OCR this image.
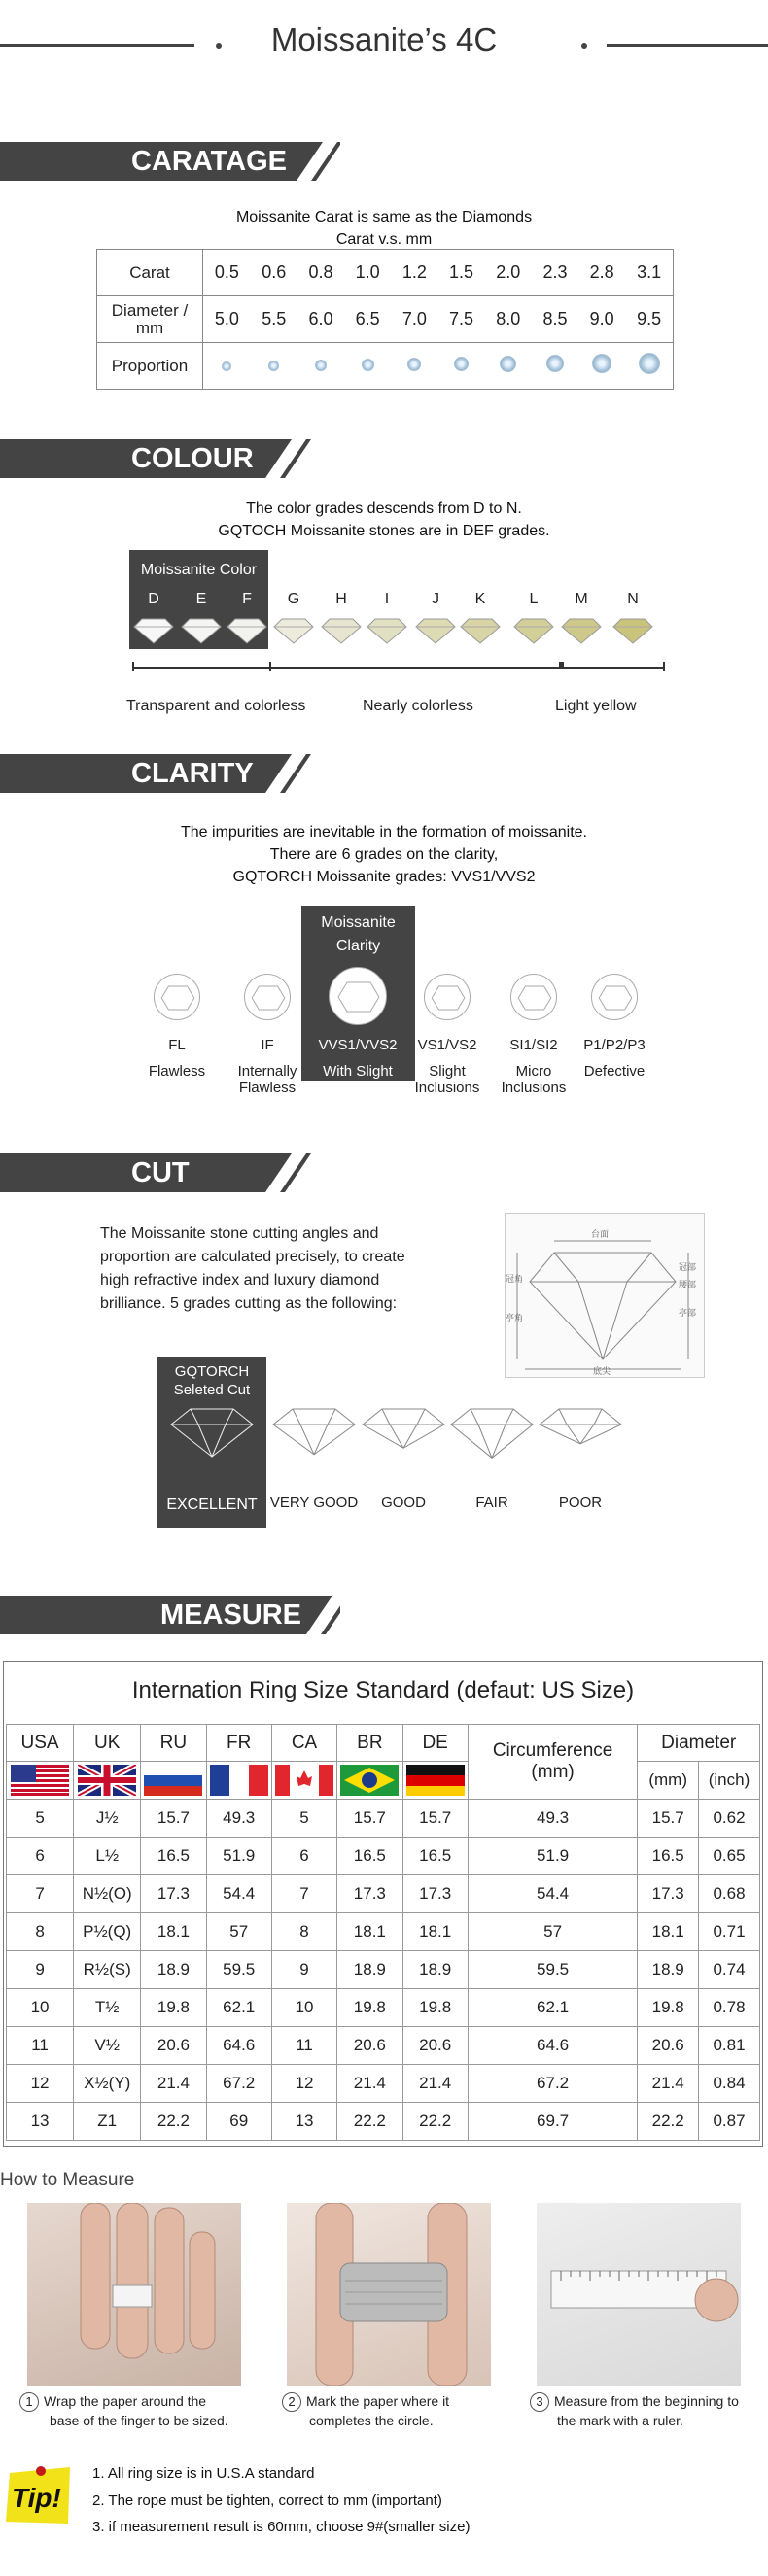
Moissanite’s 4C
CARATAGE
Moissanite Carat is same as the Diamonds
Carat v.s. mm
Carat	0.5	0.6	0.8	1.0	1.2	1.5	2.0	2.3	2.8	3.1
Diameter / mm	5.0	5.5	6.0	6.5	7.0	7.5	8.0	8.5	9.0	9.5
Proportion										
COLOUR
The color grades descends from D to N.
GQTOCH Moissanite stones are in DEF grades.
Moissanite Color
D	E	F	G	H	I	J	K	L	M	N
Transparent and colorless	Nearly colorless	Light yellow
CLARITY
The impurities are inevitable in the formation of moissanite.
There are 6 grades on the clarity,
GQTORCH Moissanite grades: VVS1/VVS2
Moissanite
Clarity
FL
Flawless
IF
Internally
Flawless
VVS1/VVS2
With Slight
VS1/VS2
Slight
Inclusions
SI1/SI2
Micro
Inclusions
P1/P2/P3
Defective
CUT
The Moissanite stone cutting angles and
proportion are calculated precisely, to create
high refractive index and luxury diamond
brilliance. 5 grades cutting as the following:
台面
冠部
腰部
亭部
底尖
冠角
亭角
GQTORCH
Seleted Cut
EXCELLENT VERY GOOD	GOOD	FAIR	POOR
MEASURE
Internation Ring Size Standard (defaut: US Size)
USA	UK	RU	FR	CA	BR	DE	Circumference (mm)	Diameter	
							(mm)	(inch)
5	J½	15.7	49.3	5	15.7	15.7	49.3	15.7	0.62
6	L½	16.5	51.9	6	16.5	16.5	51.9	16.5	0.65
7	N½(O)	17.3	54.4	7	17.3	17.3	54.4	17.3	0.68
8	P½(Q)	18.1	57	8	18.1	18.1	57	18.1	0.71
9	R½(S)	18.9	59.5	9	18.9	18.9	59.5	18.9	0.74
10	T½	19.8	62.1	10	19.8	19.8	62.1	19.8	0.78
11	V½	20.6	64.6	11	20.6	20.6	64.6	20.6	0.81
12	X½(Y)	21.4	67.2	12	21.4	21.4	67.2	21.4	0.84
13	Z1	22.2	69	13	22.2	22.2	69.7	22.2	0.87
How to Measure
1 Wrap the paper around the
base of the finger to be sized.
2 Mark the paper where it
completes the circle.
3 Measure from the beginning to
the mark with a ruler.
Tip!
1. All ring size is in U.S.A standard
2. The rope must be tighten, correct to mm (important)
3. if measurement result is 60mm, choose 9#(smaller size)
